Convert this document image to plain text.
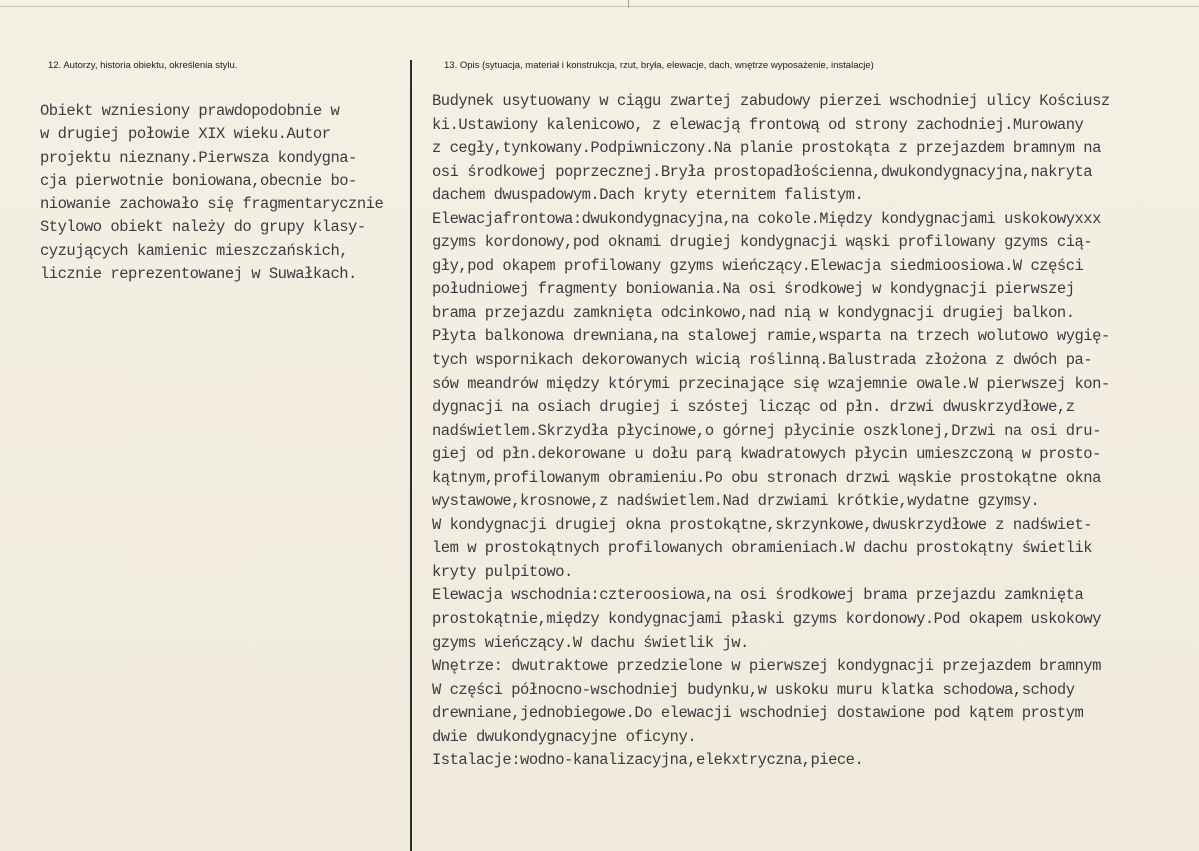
12. Autorzy, historia obiektu, określenia stylu.	13. Opis (sytuacja, materiał i konstrukcja, rzut, bryła, elewacje, dach, wnętrze wyposażenie, instalacje)
Obiekt wzniesiony prawdopodobnie w
w drugiej połowie XIX wieku.Autor
projektu nieznany.Pierwsza kondygna-
cja pierwotnie boniowana,obecnie bo-
niowanie zachowało się fragmentarycznie
Stylowo obiekt należy do grupy klasy-
cyzujących kamienic mieszczańskich,
licznie reprezentowanej w Suwałkach.
Budynek usytuowany w ciągu zwartej zabudowy pierzei wschodniej ulicy Kościusz
ki.Ustawiony kalenicowo, z elewacją frontową od strony zachodniej.Murowany
z cegły,tynkowany.Podpiwniczony.Na planie prostokąta z przejazdem bramnym na
osi środkowej poprzecznej.Bryła prostopadłościenna,dwukondygnacyjna,nakryta
dachem dwuspadowym.Dach kryty eternitem falistym.
Elewacjafrontowa:dwukondygnacyjna,na cokole.Między kondygnacjami uskokowyxxx
gzyms kordonowy,pod oknami drugiej kondygnacji wąski profilowany gzyms cią-
gły,pod okapem profilowany gzyms wieńczący.Elewacja siedmioosiowa.W części
południowej fragmenty boniowania.Na osi środkowej w kondygnacji pierwszej
brama przejazdu zamknięta odcinkowo,nad nią w kondygnacji drugiej balkon.
Płyta balkonowa drewniana,na stalowej ramie,wsparta na trzech wolutowo wygię-
tych wspornikach dekorowanych wicią roślinną.Balustrada złożona z dwóch pa-
sów meandrów między którymi przecinające się wzajemnie owale.W pierwszej kon-
dygnacji na osiach drugiej i szóstej licząc od płn. drzwi dwuskrzydłowe,z
nadświetlem.Skrzydła płycinowe,o górnej płycinie oszklonej,Drzwi na osi dru-
giej od płn.dekorowane u dołu parą kwadratowych płycin umieszczoną w prosto-
kątnym,profilowanym obramieniu.Po obu stronach drzwi wąskie prostokątne okna
wystawowe,krosnowe,z nadświetlem.Nad drzwiami krótkie,wydatne gzymsy.
W kondygnacji drugiej okna prostokątne,skrzynkowe,dwuskrzydłowe z nadświet-
lem w prostokątnych profilowanych obramieniach.W dachu prostokątny świetlik
kryty pulpitowo.
Elewacja wschodnia:czteroosiowa,na osi środkowej brama przejazdu zamknięta
prostokątnie,między kondygnacjami płaski gzyms kordonowy.Pod okapem uskokowy
gzyms wieńczący.W dachu świetlik jw.
Wnętrze: dwutraktowe przedzielone w pierwszej kondygnacji przejazdem bramnym
W części północno-wschodniej budynku,w uskoku muru klatka schodowa,schody
drewniane,jednobiegowe.Do elewacji wschodniej dostawione pod kątem prostym
dwie dwukondygnacyjne oficyny.
Istalacje:wodno-kanalizacyjna,elekxtryczna,piece.
